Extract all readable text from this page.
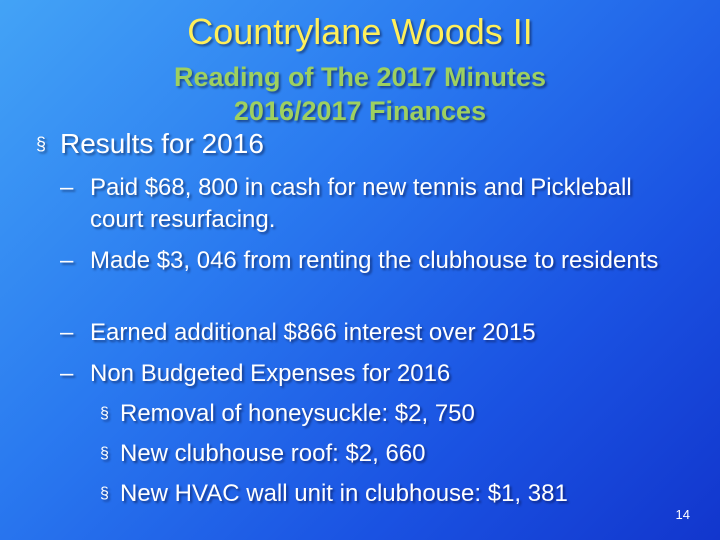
Countrylane Woods II
Reading of The 2017 Minutes
2016/2017 Finances
§ Results for 2016
– Paid $68, 800 in cash for new tennis and Pickleball court resurfacing.
– Made $3, 046 from renting the clubhouse to residents
– Earned additional $866 interest over 2015
– Non Budgeted Expenses for 2016
§ Removal of honeysuckle: $2, 750
§ New clubhouse roof: $2, 660
§ New HVAC wall unit in clubhouse: $1, 381
14
